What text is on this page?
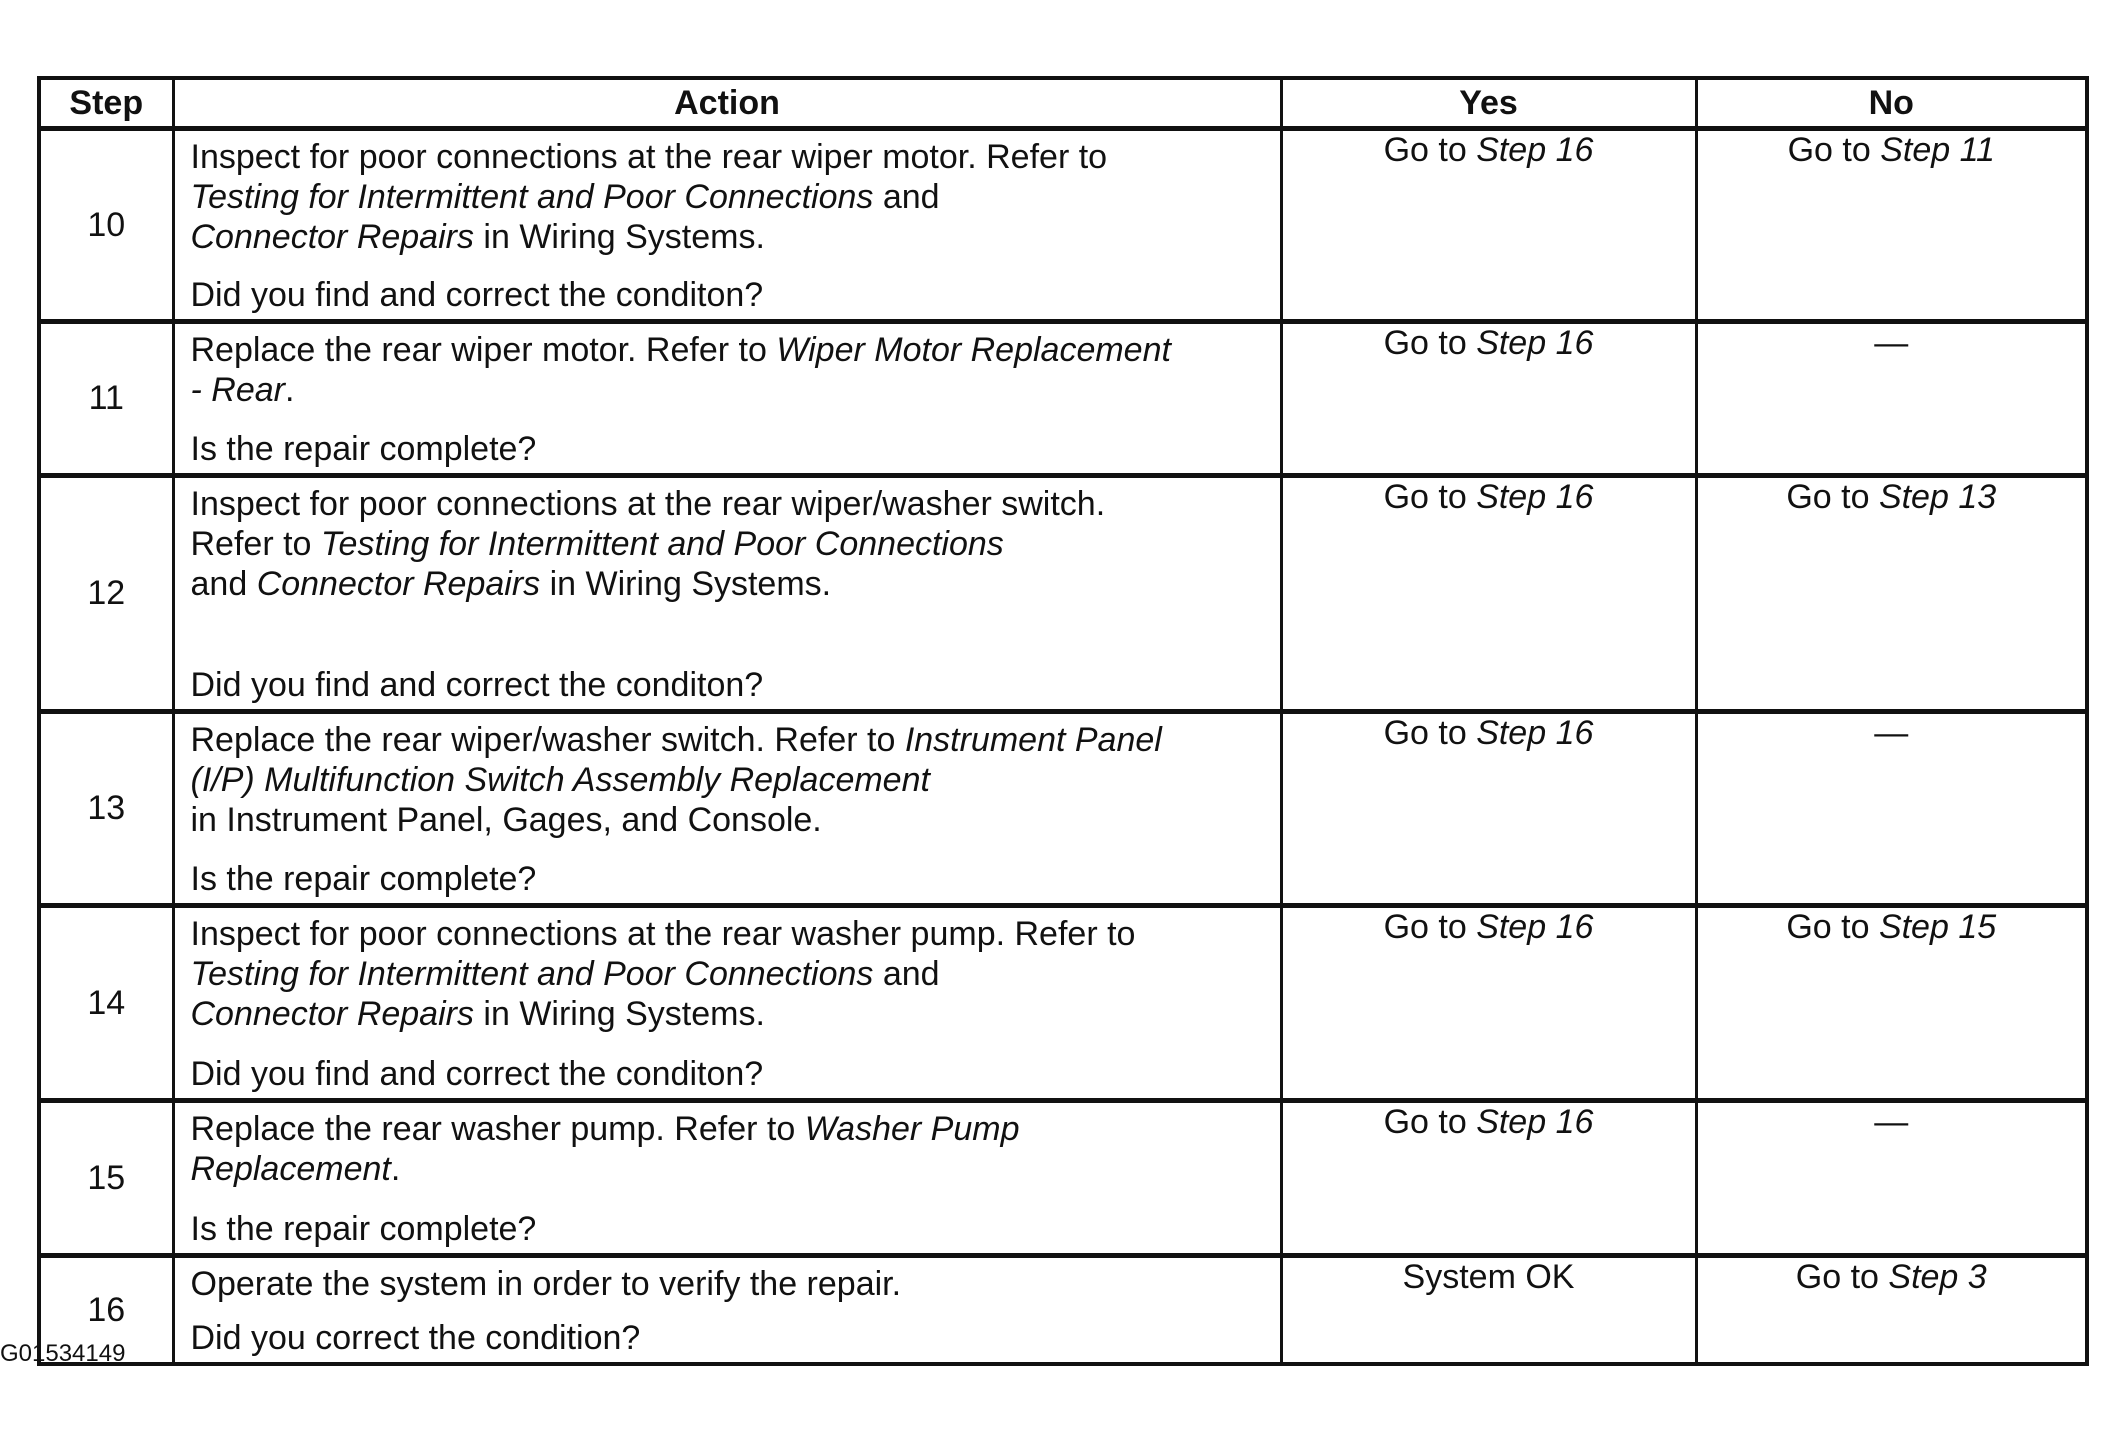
Step	Action	Yes	No
10	Inspect for poor connections at the rear wiper motor. Refer to
Testing for Intermittent and Poor Connections and
Connector Repairs in Wiring Systems.
Did you find and correct the conditon?	Go to Step 16	Go to Step 11
11	Replace the rear wiper motor. Refer to Wiper Motor Replacement
- Rear.
Is the repair complete?	Go to Step 16	—
12	Inspect for poor connections at the rear wiper/washer switch.
Refer to Testing for Intermittent and Poor Connections
and Connector Repairs in Wiring Systems.
Did you find and correct the conditon?	Go to Step 16	Go to Step 13
13	Replace the rear wiper/washer switch. Refer to Instrument Panel
(I/P) Multifunction Switch Assembly Replacement
in Instrument Panel, Gages, and Console.
Is the repair complete?	Go to Step 16	—
14	Inspect for poor connections at the rear washer pump. Refer to
Testing for Intermittent and Poor Connections and
Connector Repairs in Wiring Systems.
Did you find and correct the conditon?	Go to Step 16	Go to Step 15
15	Replace the rear washer pump. Refer to Washer Pump
Replacement.
Is the repair complete?	Go to Step 16	—
16	Operate the system in order to verify the repair.
Did you correct the condition?	System OK	Go to Step 3
G01534149
